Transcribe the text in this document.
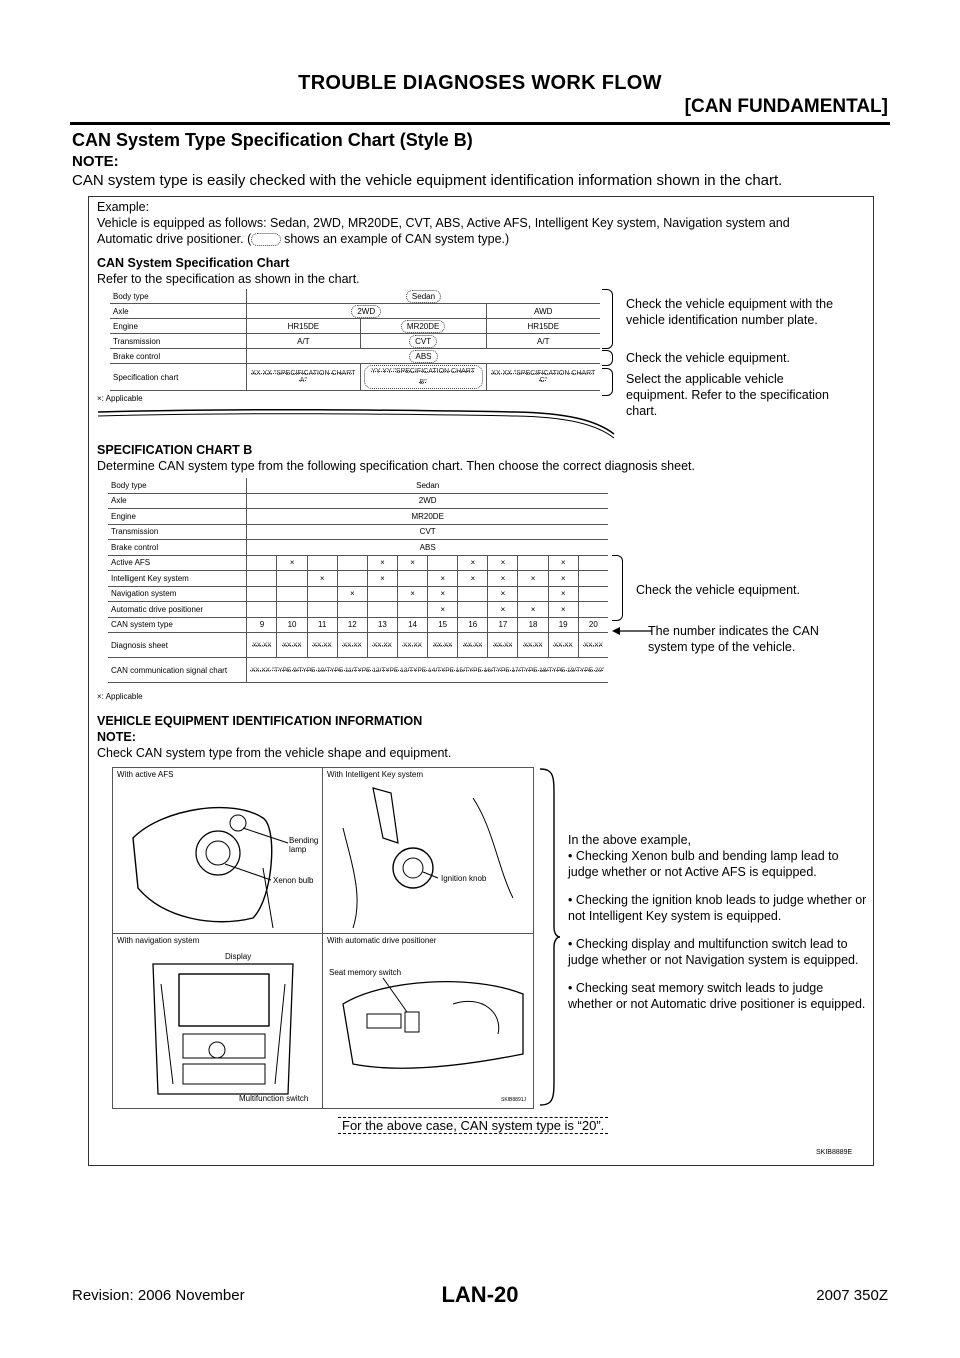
TROUBLE DIAGNOSES WORK FLOW
[CAN FUNDAMENTAL]
CAN System Type Specification Chart (Style B)
NOTE:
CAN system type is easily checked with the vehicle equipment identification information shown in the chart.
Example:
Vehicle is equipped as follows: Sedan, 2WD, MR20DE, CVT, ABS, Active AFS, Intelligent Key system, Navigation system and
Automatic drive positioner. (      shows an example of CAN system type.)
CAN System Specification Chart
Refer to the specification as shown in the chart.
Body type	Sedan		
Axle	2WD		AWD
Engine	HR15DE	MR20DE	HR15DE
Transmission	A/T	CVT	A/T
Brake control	ABS		
Specification chart	XX XX "SPECIFICATION CHART A"	YY YY "SPECIFICATION CHART B"	XX XX "SPECIFICATION CHART C"
×: Applicable
Check the vehicle equipment with the vehicle identification number plate.
Check the vehicle equipment.
Select the applicable vehicle equipment. Refer to the specification chart.
SPECIFICATION CHART B
Determine CAN system type from the following specification chart. Then choose the correct diagnosis sheet.
Body type	Sedan											
Axle	2WD											
Engine	MR20DE											
Transmission	CVT											
Brake control	ABS											
Active AFS		×			×	×		×	×		×	
Intelligent Key system			×		×		×	×	×	×	×	
Navigation system				×		×	×		×		×	
Automatic drive positioner							×		×	×	×	
CAN system type	9	10	11	12	13	14	15	16	17	18	19	20
Diagnosis sheet	XX.XX	XX.XX	XX.XX	XX.XX	XX.XX	XX.XX	XX.XX	XX.XX	XX.XX	XX.XX	XX.XX	XX.XX
CAN communication signal chart	XX.XX "TYPE 9/TYPE 10/TYPE 11/TYPE 12/TYPE 13/TYPE 14/TYPE 15/TYPE 16/TYPE 17/TYPE 18/TYPE 19/TYPE 20"											
×: Applicable
Check the vehicle equipment.
The number indicates the CAN system type of the vehicle.
VEHICLE EQUIPMENT IDENTIFICATION INFORMATION
NOTE:
Check CAN system type from the vehicle shape and equipment.
With active AFS
Bending lamp
Xenon bulb
With Intelligent Key system
Ignition knob
With navigation system
Display
Multifunction switch
With automatic drive positioner
Seat memory switch
SKIB8891J
In the above example,
• Checking Xenon bulb and bending lamp lead to judge whether or not Active AFS is equipped.
• Checking the ignition knob leads to judge whether or not Intelligent Key system is equipped.
• Checking display and multifunction switch lead to judge whether or not Navigation system is equipped.
• Checking seat memory switch leads to judge whether or not Automatic drive positioner is equipped.
For the above case, CAN system type is “20”.
SKIB8889E
Revision: 2006 November	LAN-20	2007 350Z
